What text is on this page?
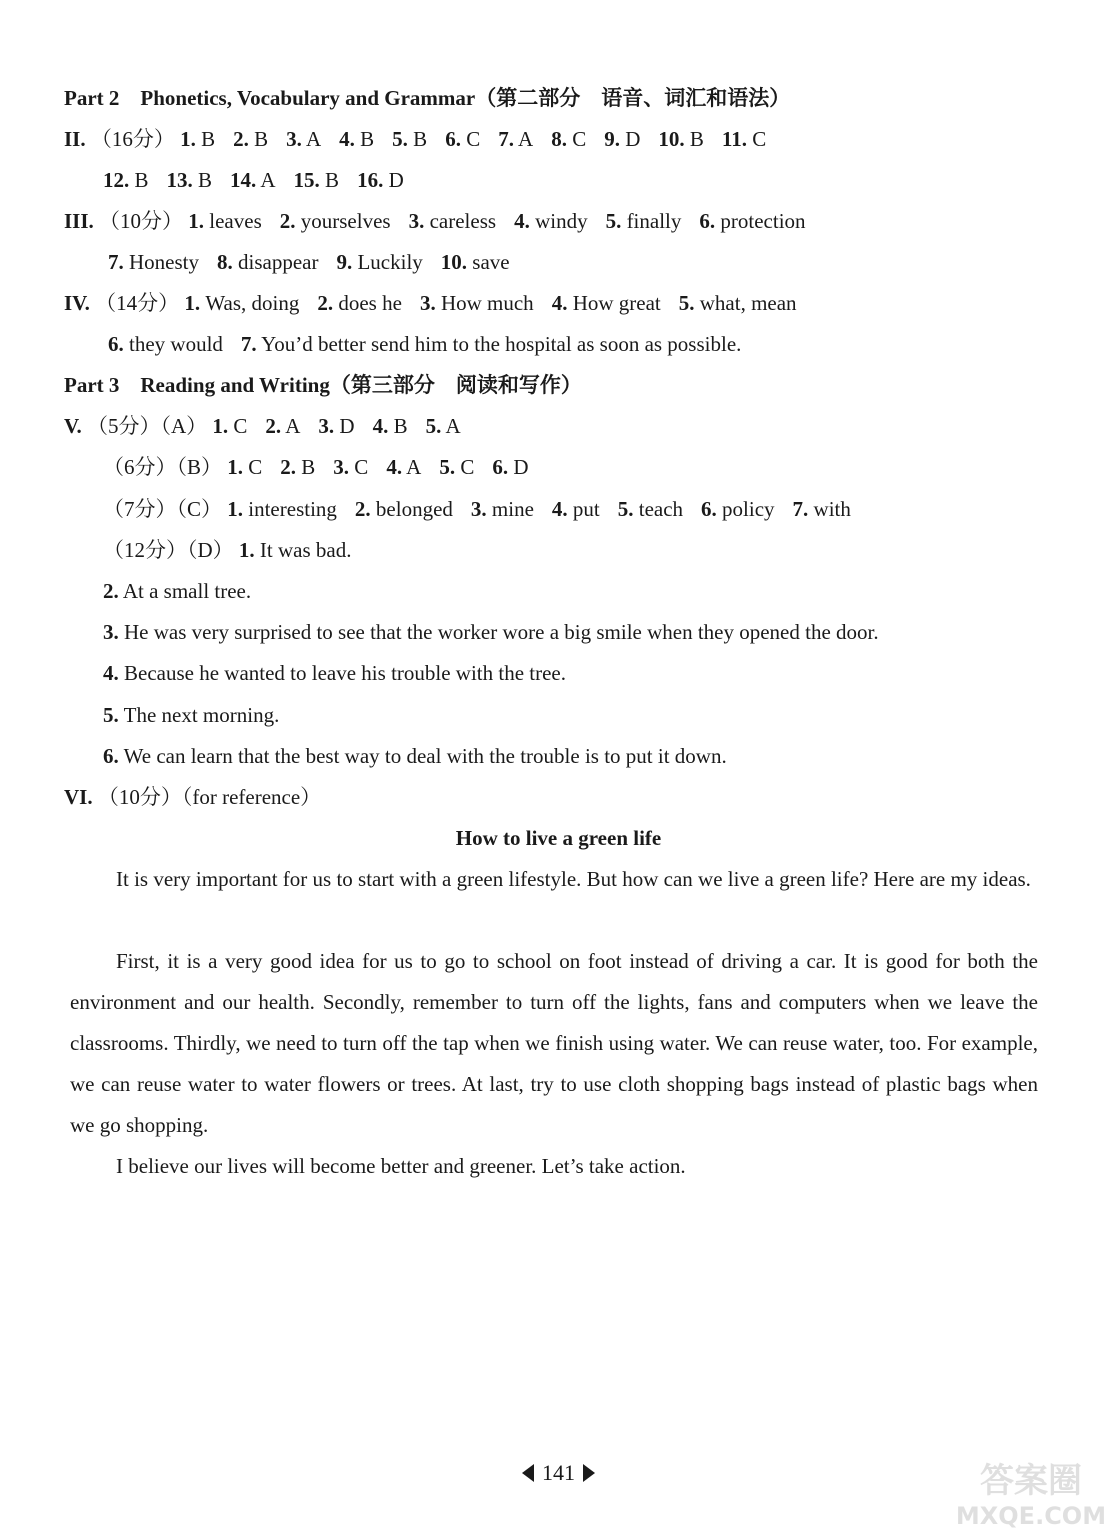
Part 2　Phonetics, Vocabulary and Grammar（第二部分　语音、词汇和语法）
II. （16分） 1. B 2. B 3. A 4. B 5. B 6. C 7. A 8. C 9. D 10. B 11. C
12. B 13. B 14. A 15. B 16. D
III. （10分） 1. leaves 2. yourselves 3. careless 4. windy 5. finally 6. protection
7. Honesty 8. disappear 9. Luckily 10. save
IV. （14分） 1. Was, doing 2. does he 3. How much 4. How great 5. what, mean
6. they would 7. You’d better send him to the hospital as soon as possible.
Part 3　Reading and Writing（第三部分　阅读和写作）
V. （5分）（A） 1. C 2. A 3. D 4. B 5. A
（6分）（B） 1. C 2. B 3. C 4. A 5. C 6. D
（7分）（C） 1. interesting 2. belonged 3. mine 4. put 5. teach 6. policy 7. with
（12分）（D） 1. It was bad.
2. At a small tree.
3. He was very surprised to see that the worker wore a big smile when they opened the door.
4. Because he wanted to leave his trouble with the tree.
5. The next morning.
6. We can learn that the best way to deal with the trouble is to put it down.
VI. （10分）（for reference）
How to live a green life
It is very important for us to start with a green lifestyle. But how can we live a green life? Here are my ideas.
First, it is a very good idea for us to go to school on foot instead of driving a car. It is good for both the environment and our health. Secondly, remember to turn off the lights, fans and computers when we leave the classrooms. Thirdly, we need to turn off the tap when we finish using water. We can reuse water, too. For example, we can reuse water to water flowers or trees. At last, try to use cloth shopping bags instead of plastic bags when we go shopping.
I believe our lives will become better and greener. Let’s take action.
141	答案圈
MXQE.COM
